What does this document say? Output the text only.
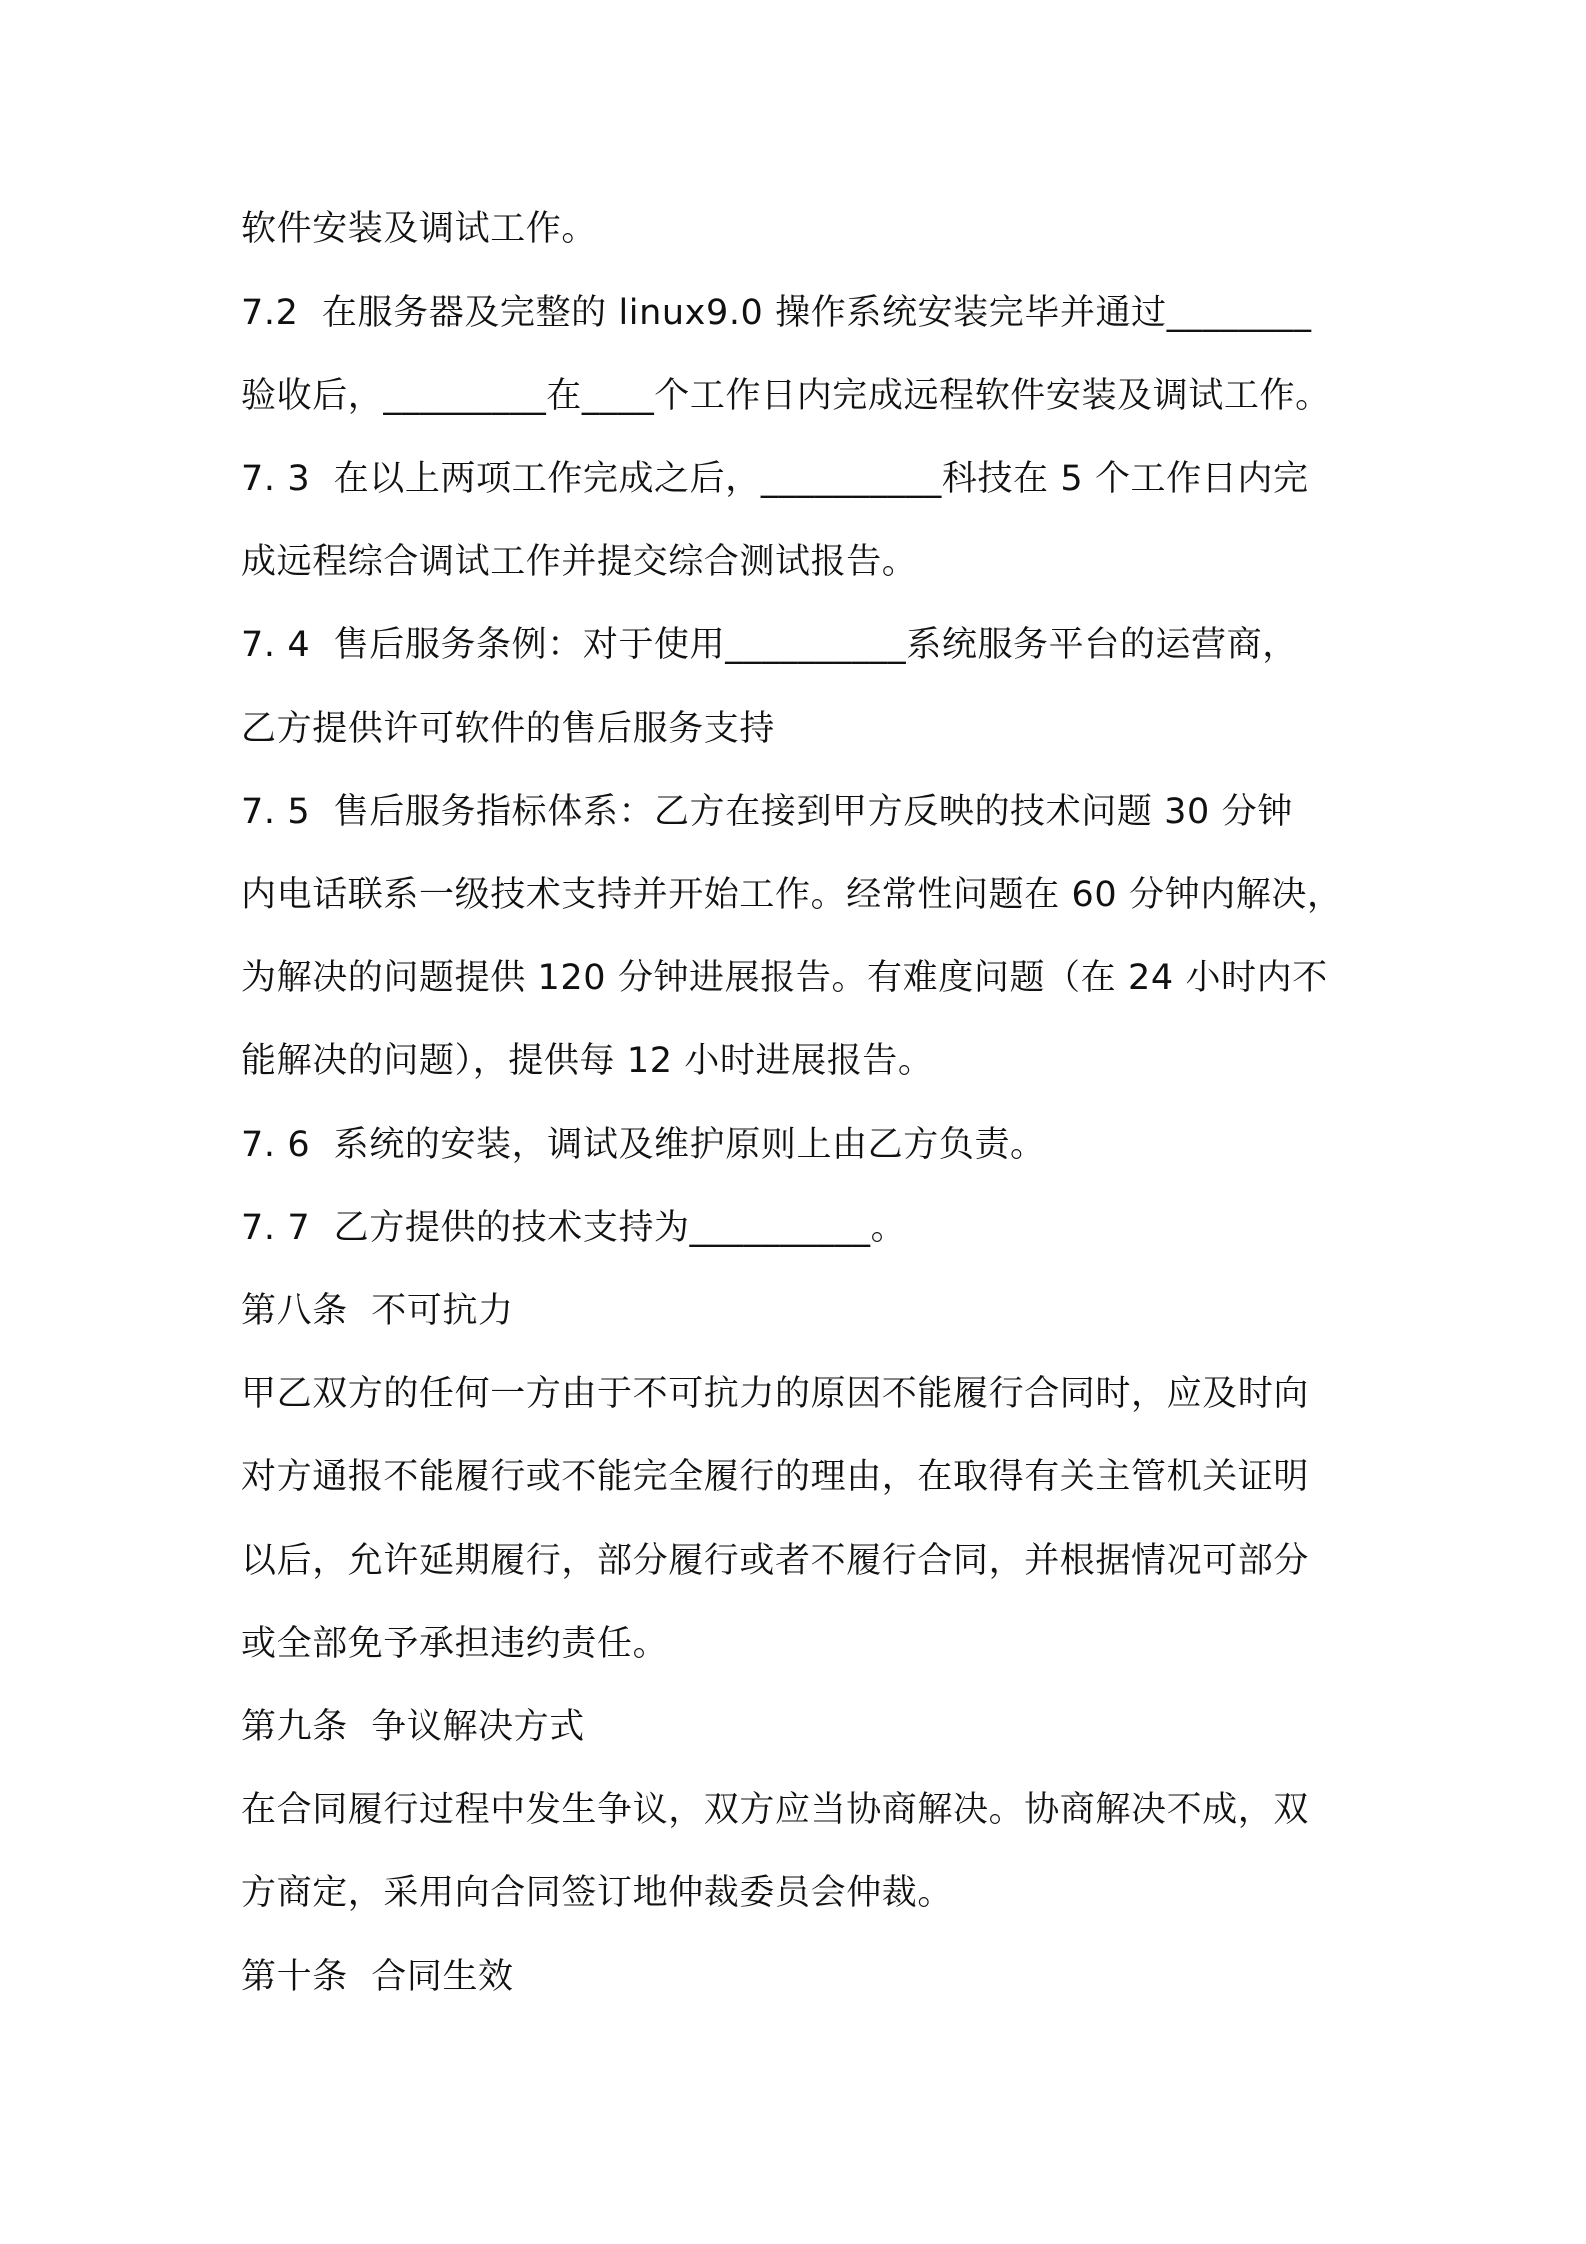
软件安装及调试工作。
7.2  在服务器及完整的 linux9.0 操作系统安装完毕并通过________
验收后，_________在____个工作日内完成远程软件安装及调试工作。
7. 3  在以上两项工作完成之后，__________科技在 5 个工作日内完
成远程综合调试工作并提交综合测试报告。
7. 4  售后服务条例：对于使用__________系统服务平台的运营商，
乙方提供许可软件的售后服务支持
7. 5  售后服务指标体系：乙方在接到甲方反映的技术问题 30 分钟
内电话联系一级技术支持并开始工作。经常性问题在 60 分钟内解决，
为解决的问题提供 120 分钟进展报告。有难度问题（在 24 小时内不
能解决的问题），提供每 12 小时进展报告。
7. 6  系统的安装，调试及维护原则上由乙方负责。
7. 7  乙方提供的技术支持为__________。
第八条  不可抗力
甲乙双方的任何一方由于不可抗力的原因不能履行合同时，应及时向
对方通报不能履行或不能完全履行的理由，在取得有关主管机关证明
以后，允许延期履行，部分履行或者不履行合同，并根据情况可部分
或全部免予承担违约责任。
第九条  争议解决方式
在合同履行过程中发生争议，双方应当协商解决。协商解决不成，双
方商定，采用向合同签订地仲裁委员会仲裁。
第十条  合同生效
